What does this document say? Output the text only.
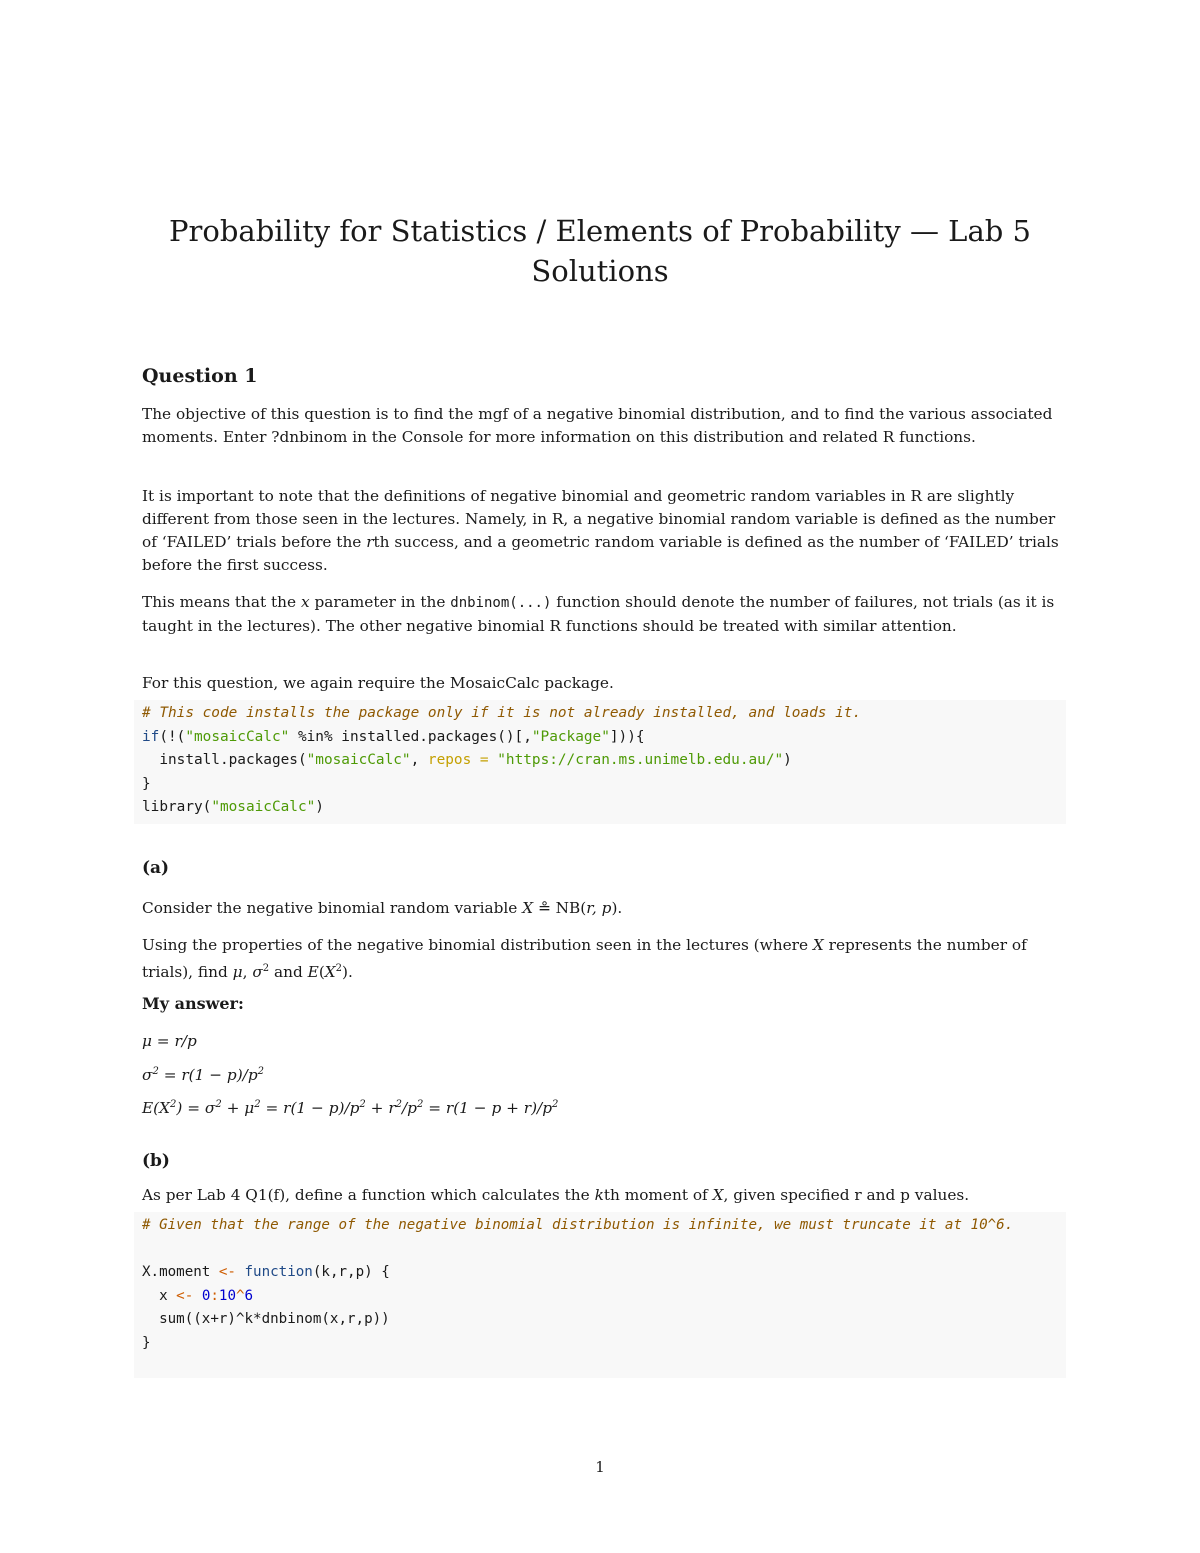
Probability for Statistics / Elements of Probability — Lab 5
Solutions
Question 1
The objective of this question is to find the mgf of a negative binomial distribution, and to find the various associated moments. Enter ?dnbinom in the Console for more information on this distribution and related R functions.
It is important to note that the definitions of negative binomial and geometric random variables in R are slightly different from those seen in the lectures. Namely, in R, a negative binomial random variable is defined as the number of ‘FAILED’ trials before the rth success, and a geometric random variable is defined as the number of ‘FAILED’ trials before the first success.
This means that the x parameter in the dnbinom(...) function should denote the number of failures, not trials (as it is taught in the lectures). The other negative binomial R functions should be treated with similar attention.
For this question, we again require the MosaicCalc package.
# This code installs the package only if it is not already installed, and loads it.
if(!("mosaicCalc" %in% installed.packages()[,"Package"])){
install.packages("mosaicCalc", repos = "https://cran.ms.unimelb.edu.au/")
}
library("mosaicCalc")
(a)
Consider the negative binomial random variable X ≗ NB(r, p).
Using the properties of the negative binomial distribution seen in the lectures (where X represents the number of trials), find μ, $\sigma^2$ and $E(X^2)$.
My answer:
μ = r/p
$\sigma^2 = r(1 - p)/p^2$
$E(X^2) = \sigma^2 + \mu^2 = r(1 - p)/p^2 + r^2/p^2 = r(1 - p + r)/p^2$
(b)
As per Lab 4 Q1(f), define a function which calculates the kth moment of X, given specified r and p values.
# Given that the range of the negative binomial distribution is infinite, we must truncate it at 10^6.

X.moment <- function(k,r,p) {
x <- 0:10^6
sum((x+r)^k*dnbinom(x,r,p))
}
1
